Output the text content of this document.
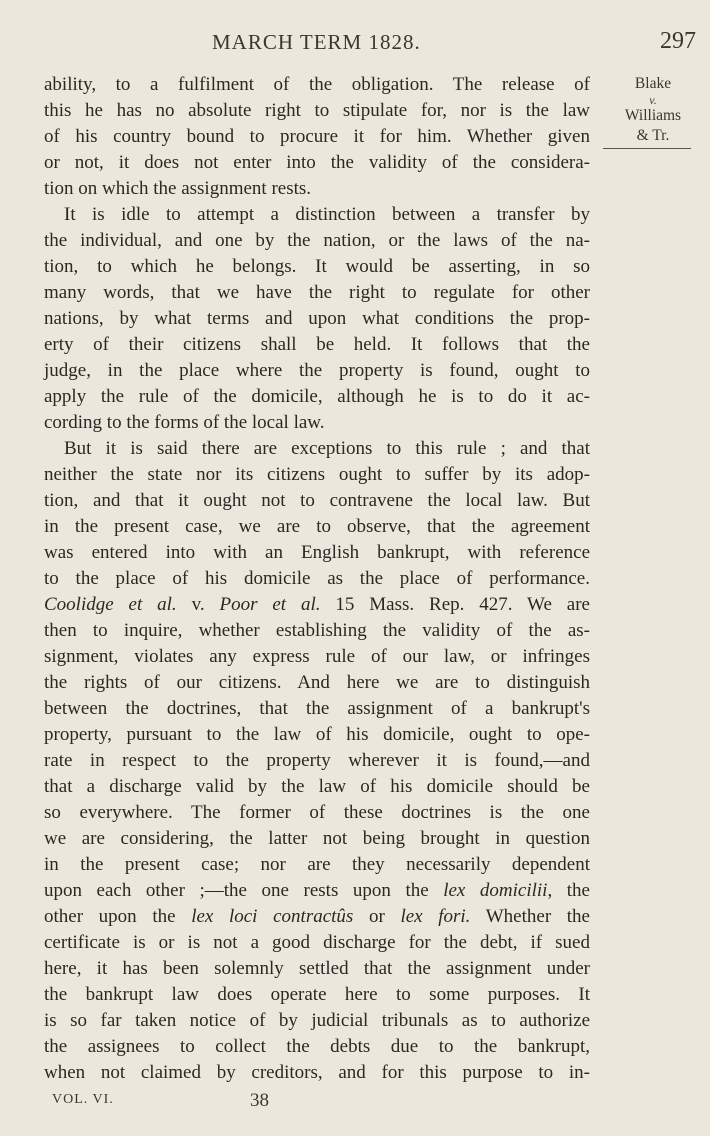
MARCH TERM 1828.	297
Blake
v.
Williams
& Tr.
ability, to a fulfilment of the obligation. The release of
this he has no absolute right to stipulate for, nor is the law
of his country bound to procure it for him. Whether given
or not, it does not enter into the validity of the considera-
tion on which the assignment rests.
It is idle to attempt a distinction between a transfer by
the individual, and one by the nation, or the laws of the na-
tion, to which he belongs. It would be asserting, in so
many words, that we have the right to regulate for other
nations, by what terms and upon what conditions the prop-
erty of their citizens shall be held. It follows that the
judge, in the place where the property is found, ought to
apply the rule of the domicile, although he is to do it ac-
cording to the forms of the local law.
But it is said there are exceptions to this rule ; and that
neither the state nor its citizens ought to suffer by its adop-
tion, and that it ought not to contravene the local law. But
in the present case, we are to observe, that the agreement
was entered into with an English bankrupt, with reference
to the place of his domicile as the place of performance.
Coolidge et al. v. Poor et al. 15 Mass. Rep. 427. We are
then to inquire, whether establishing the validity of the as-
signment, violates any express rule of our law, or infringes
the rights of our citizens. And here we are to distinguish
between the doctrines, that the assignment of a bankrupt's
property, pursuant to the law of his domicile, ought to ope-
rate in respect to the property wherever it is found,—and
that a discharge valid by the law of his domicile should be
so everywhere. The former of these doctrines is the one
we are considering, the latter not being brought in question
in the present case; nor are they necessarily dependent
upon each other ;—the one rests upon the lex domicilii, the
other upon the lex loci contractûs or lex fori. Whether the
certificate is or is not a good discharge for the debt, if sued
here, it has been solemnly settled that the assignment under
the bankrupt law does operate here to some purposes. It
is so far taken notice of by judicial tribunals as to authorize
the assignees to collect the debts due to the bankrupt,
when not claimed by creditors, and for this purpose to in-
VOL. VI.	38
